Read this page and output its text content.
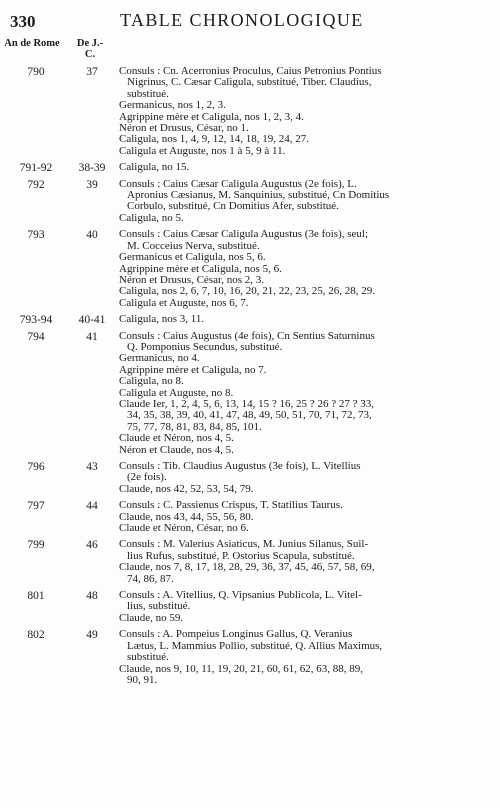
330	TABLE CHRONOLOGIQUE
An de Rome	De J.-C.
790	37	Consuls : Cn. Acerronius Proculus, Caius Petronius Pontius
Nigrinus, C. Cæsar Caligula, substitué, Tiber. Claudius,
substitué.
Germanicus, nos 1, 2, 3.
Agrippine mère et Caligula, nos 1, 2, 3, 4.
Néron et Drusus, César, no 1.
Caligula, nos 1, 4, 9, 12, 14, 18, 19, 24, 27.
Caligula et Auguste, nos 1 à 5, 9 à 11.
791-92	38-39	Caligula, no 15.
792	39	Consuls : Caius Cæsar Caligula Augustus (2e fois), L.
Apronius Cæsianus, M. Sanquinius, substitué, Cn Domitius
Corbulo, substitué, Cn Domitius Afer, substitué.
Caligula, no 5.
793	40	Consuls : Caius Cæsar Caligula Augustus (3e fois), seul;
M. Cocceius Nerva, substitué.
Germanicus et Caligula, nos 5, 6.
Agrippine mère et Caligula, nos 5, 6.
Néron et Drusus, César, nos 2, 3.
Caligula, nos 2, 6, 7, 10, 16, 20, 21, 22, 23, 25, 26, 28, 29.
Caligula et Auguste, nos 6, 7.
793-94	40-41	Caligula, nos 3, 11.
794	41	Consuls : Caius Augustus (4e fois), Cn Sentius Saturninus
Q. Pomponius Secundus, substitué.
Germanicus, no 4.
Agrippine mère et Caligula, no 7.
Caligula, no 8.
Caligula et Auguste, no 8.
Claude Ier, 1, 2, 4, 5, 6, 13, 14, 15 ? 16, 25 ? 26 ? 27 ? 33,
34, 35, 38, 39, 40, 41, 47, 48, 49, 50, 51, 70, 71, 72, 73,
75, 77, 78, 81, 83, 84, 85, 101.
Claude et Néron, nos 4, 5.
Néron et Claude, nos 4, 5.
796	43	Consuls : Tib. Claudius Augustus (3e fois), L. Vitellius
(2e fois).
Claude, nos 42, 52, 53, 54, 79.
797	44	Consuls : C. Passienus Crispus, T. Statilius Taurus.
Claude, nos 43, 44, 55, 56, 80.
Claude et Néron, César, no 6.
799	46	Consuls : M. Valerius Asiaticus, M. Junius Silanus, Suil-
lius Rufus, substitué, P. Ostorius Scapula, substitué.
Claude, nos 7, 8, 17, 18, 28, 29, 36, 37, 45, 46, 57, 58, 69,
74, 86, 87.
801	48	Consuls : A. Vitellius, Q. Vipsanius Publicola, L. Vitel-
lius, substitué.
Claude, no 59.
802	49	Consuls : A. Pompeius Longinus Gallus, Q. Veranius
Lætus, L. Mammius Pollio, substitué, Q. Allius Maximus,
substitué.
Claude, nos 9, 10, 11, 19, 20, 21, 60, 61, 62, 63, 88, 89,
90, 91.
